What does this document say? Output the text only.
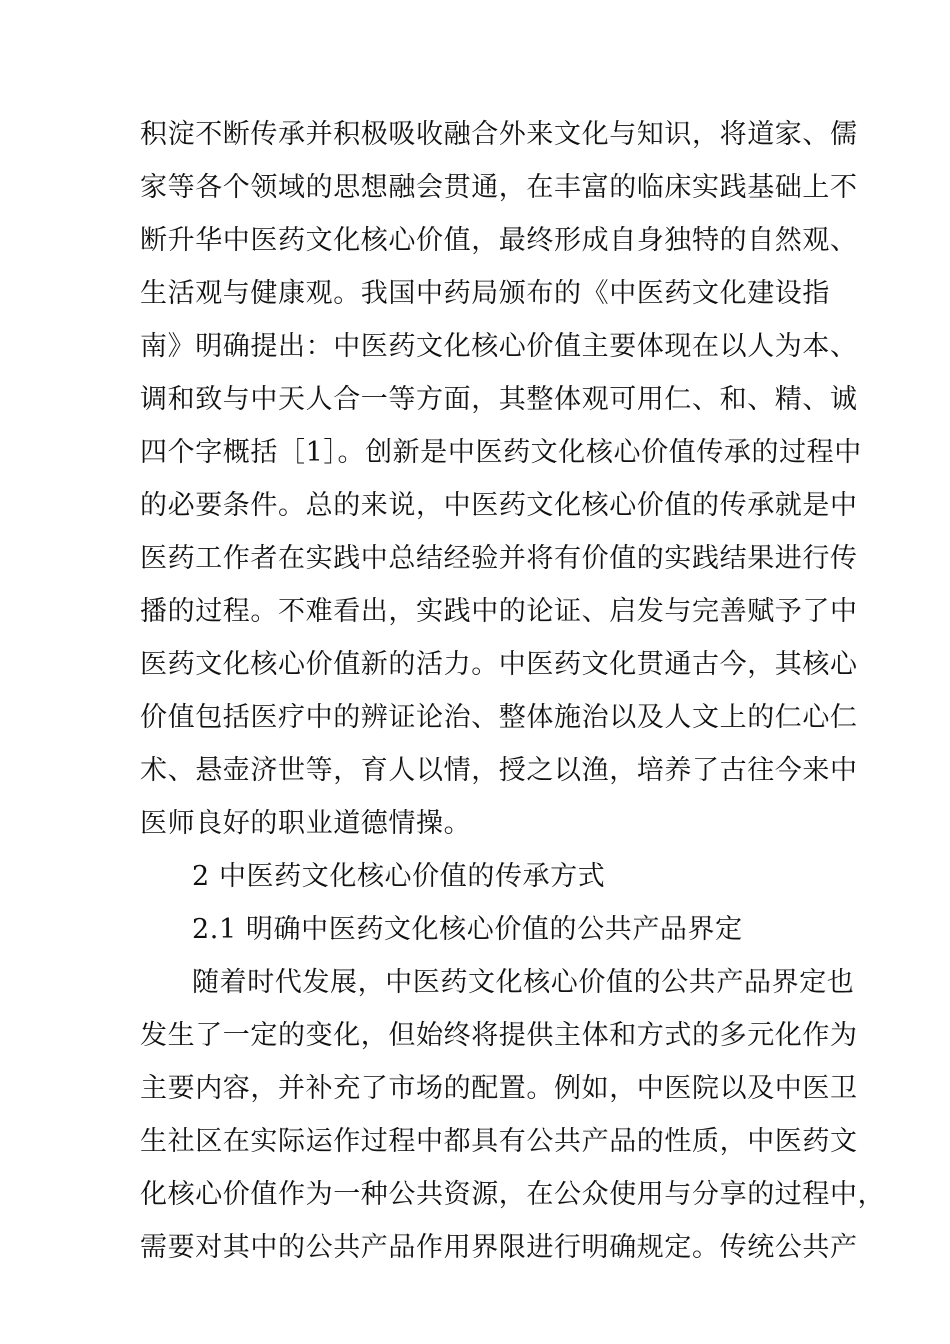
积淀不断传承并积极吸收融合外来文化与知识，将道家、儒
家等各个领域的思想融会贯通，在丰富的临床实践基础上不
断升华中医药文化核心价值，最终形成自身独特的自然观、
生活观与健康观。我国中药局颁布的《中医药文化建设指
南》明确提出：中医药文化核心价值主要体现在以人为本、
调和致与中天人合一等方面，其整体观可用仁、和、精、诚
四个字概括［1］。创新是中医药文化核心价值传承的过程中
的必要条件。总的来说，中医药文化核心价值的传承就是中
医药工作者在实践中总结经验并将有价值的实践结果进行传
播的过程。不难看出，实践中的论证、启发与完善赋予了中
医药文化核心价值新的活力。中医药文化贯通古今，其核心
价值包括医疗中的辨证论治、整体施治以及人文上的仁心仁
术、悬壶济世等，育人以情，授之以渔，培养了古往今来中
医师良好的职业道德情操。
2 中医药文化核心价值的传承方式
2.1 明确中医药文化核心价值的公共产品界定
随着时代发展，中医药文化核心价值的公共产品界定也
发生了一定的变化，但始终将提供主体和方式的多元化作为
主要内容，并补充了市场的配置。例如，中医院以及中医卫
生社区在实际运作过程中都具有公共产品的性质，中医药文
化核心价值作为一种公共资源，在公众使用与分享的过程中，
需要对其中的公共产品作用界限进行明确规定。传统公共产
